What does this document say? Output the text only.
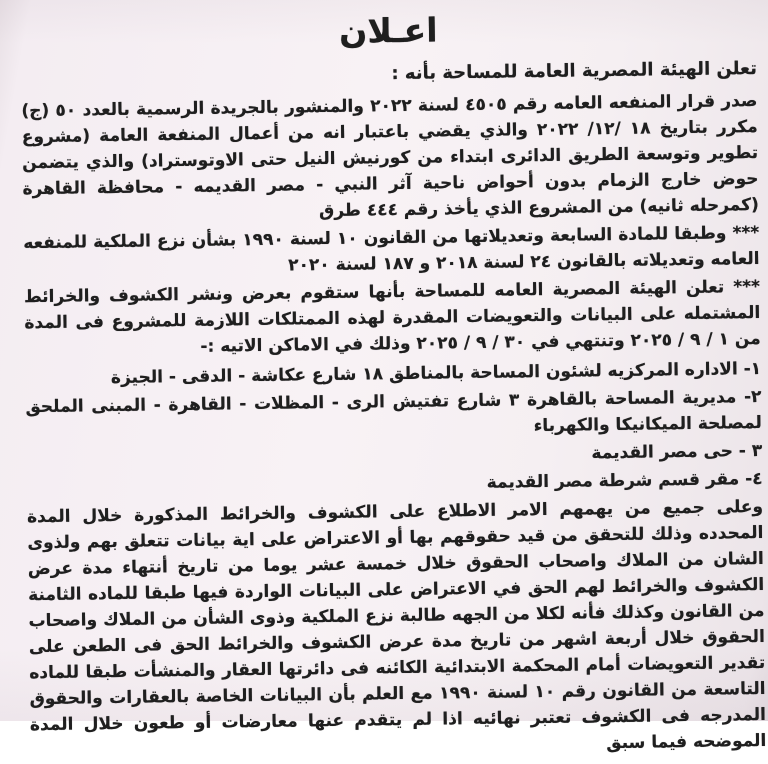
اعـلان

تعلن الهيئة المصرية العامة للمساحة بأنه :

صدر قرار المنفعه العامه رقم ٤٥٠٥ لسنة ٢٠٢٢ والمنشور بالجريدة الرسمية بالعدد ٥٠ (ج) مكرر بتاريخ ١٨ /١٢/ ٢٠٢٢ والذي يقضي باعتبار انه من أعمال المنفعة العامة (مشروع تطوير وتوسعة الطريق الدائرى ابتداء من كورنيش النيل حتى الاوتوستراد) والذي يتضمن حوض خارج الزمام بدون أحواض ناحية آثر النبي - مصر القديمه - محافظة القاهرة (كمرحله ثانيه) من المشروع الذي يأخذ رقم ٤٤٤ طرق

*** وطبقا للمادة السابعة وتعديلاتها من القانون ١٠ لسنة ١٩٩٠ بشأن نزع الملكية للمنفعه العامه وتعديلاته بالقانون ٢٤ لسنة ٢٠١٨ و ١٨٧ لسنة ٢٠٢٠

*** تعلن الهيئة المصرية العامه للمساحة بأنها ستقوم بعرض ونشر الكشوف والخرائط المشتمله على البيانات والتعويضات المقدرة لهذه الممتلكات اللازمة للمشروع فى المدة من ١ / ٩ / ٢٠٢٥ وتنتهي في ٣٠ / ٩ / ٢٠٢٥ وذلك في الاماكن الاتيه :-

١- الاداره المركزيه لشئون المساحة بالمناطق ١٨ شارع عكاشة - الدقى - الجيزة

٢- مديرية المساحة بالقاهرة ٣ شارع تفتيش الرى - المظلات - القاهرة - المبنى الملحق لمصلحة الميكانيكا والكهرباء

٣ - حى مصر القديمة

٤- مقر قسم شرطة مصر القديمة

وعلى جميع من يهمهم الامر الاطلاع على الكشوف والخرائط المذكورة خلال المدة المحدده وذلك للتحقق من قيد حقوقهم بها أو الاعتراض على اية بيانات تتعلق بهم ولذوى الشان من الملاك واصحاب الحقوق خلال خمسة عشر يوما من تاريخ أنتهاء مدة عرض الكشوف والخرائط لهم الحق في الاعتراض على البيانات الواردة فيها طبقا للماده الثامنة من القانون وكذلك فأنه لكلا من الجهه طالبة نزع الملكية وذوى الشأن من الملاك واصحاب الحقوق خلال أربعة اشهر من تاريخ مدة عرض الكشوف والخرائط الحق فى الطعن على تقدير التعويضات أمام المحكمة الابتدائية الكائنه فى دائرتها العقار والمنشأت طبقا للماده التاسعة من القانون رقم ١٠ لسنة ١٩٩٠ مع العلم بأن البيانات الخاصة بالعقارات والحقوق المدرجه فى الكشوف تعتبر نهائيه اذا لم يتقدم عنها معارضات أو طعون خلال المدة الموضحه فيما سبق
